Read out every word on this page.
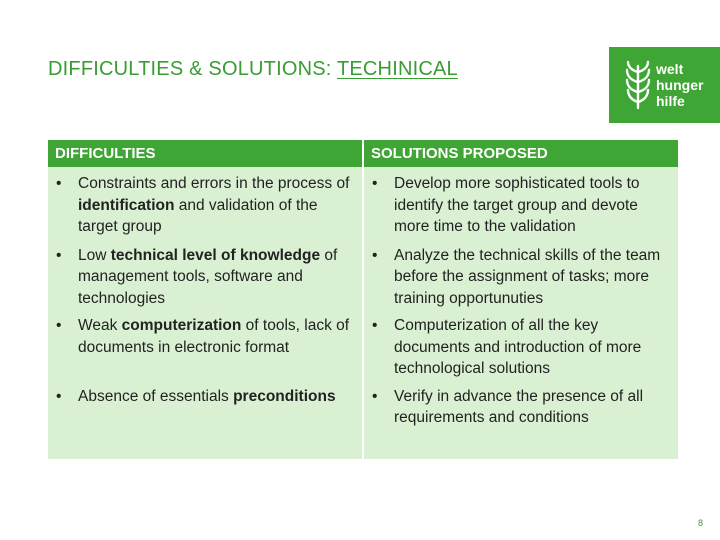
DIFFICULTIES & SOLUTIONS: TECHINICAL	welt
hunger
hilfe
DIFFICULTIES	SOLUTIONS PROPOSED

• Constraints and errors in the process of identification and validation of the target group	• Develop more sophisticated tools to identify the target group and devote more time to the validation

• Low technical level of knowledge of management tools, software and technologies	• Analyze the technical skills of the team before the assignment of tasks; more training opportunuties

• Weak computerization of tools, lack of documents in electronic format	• Computerization of all the key documents and introduction of more technological solutions

• Absence of essentials preconditions	• Verify in advance the presence of all requirements and conditions
8
